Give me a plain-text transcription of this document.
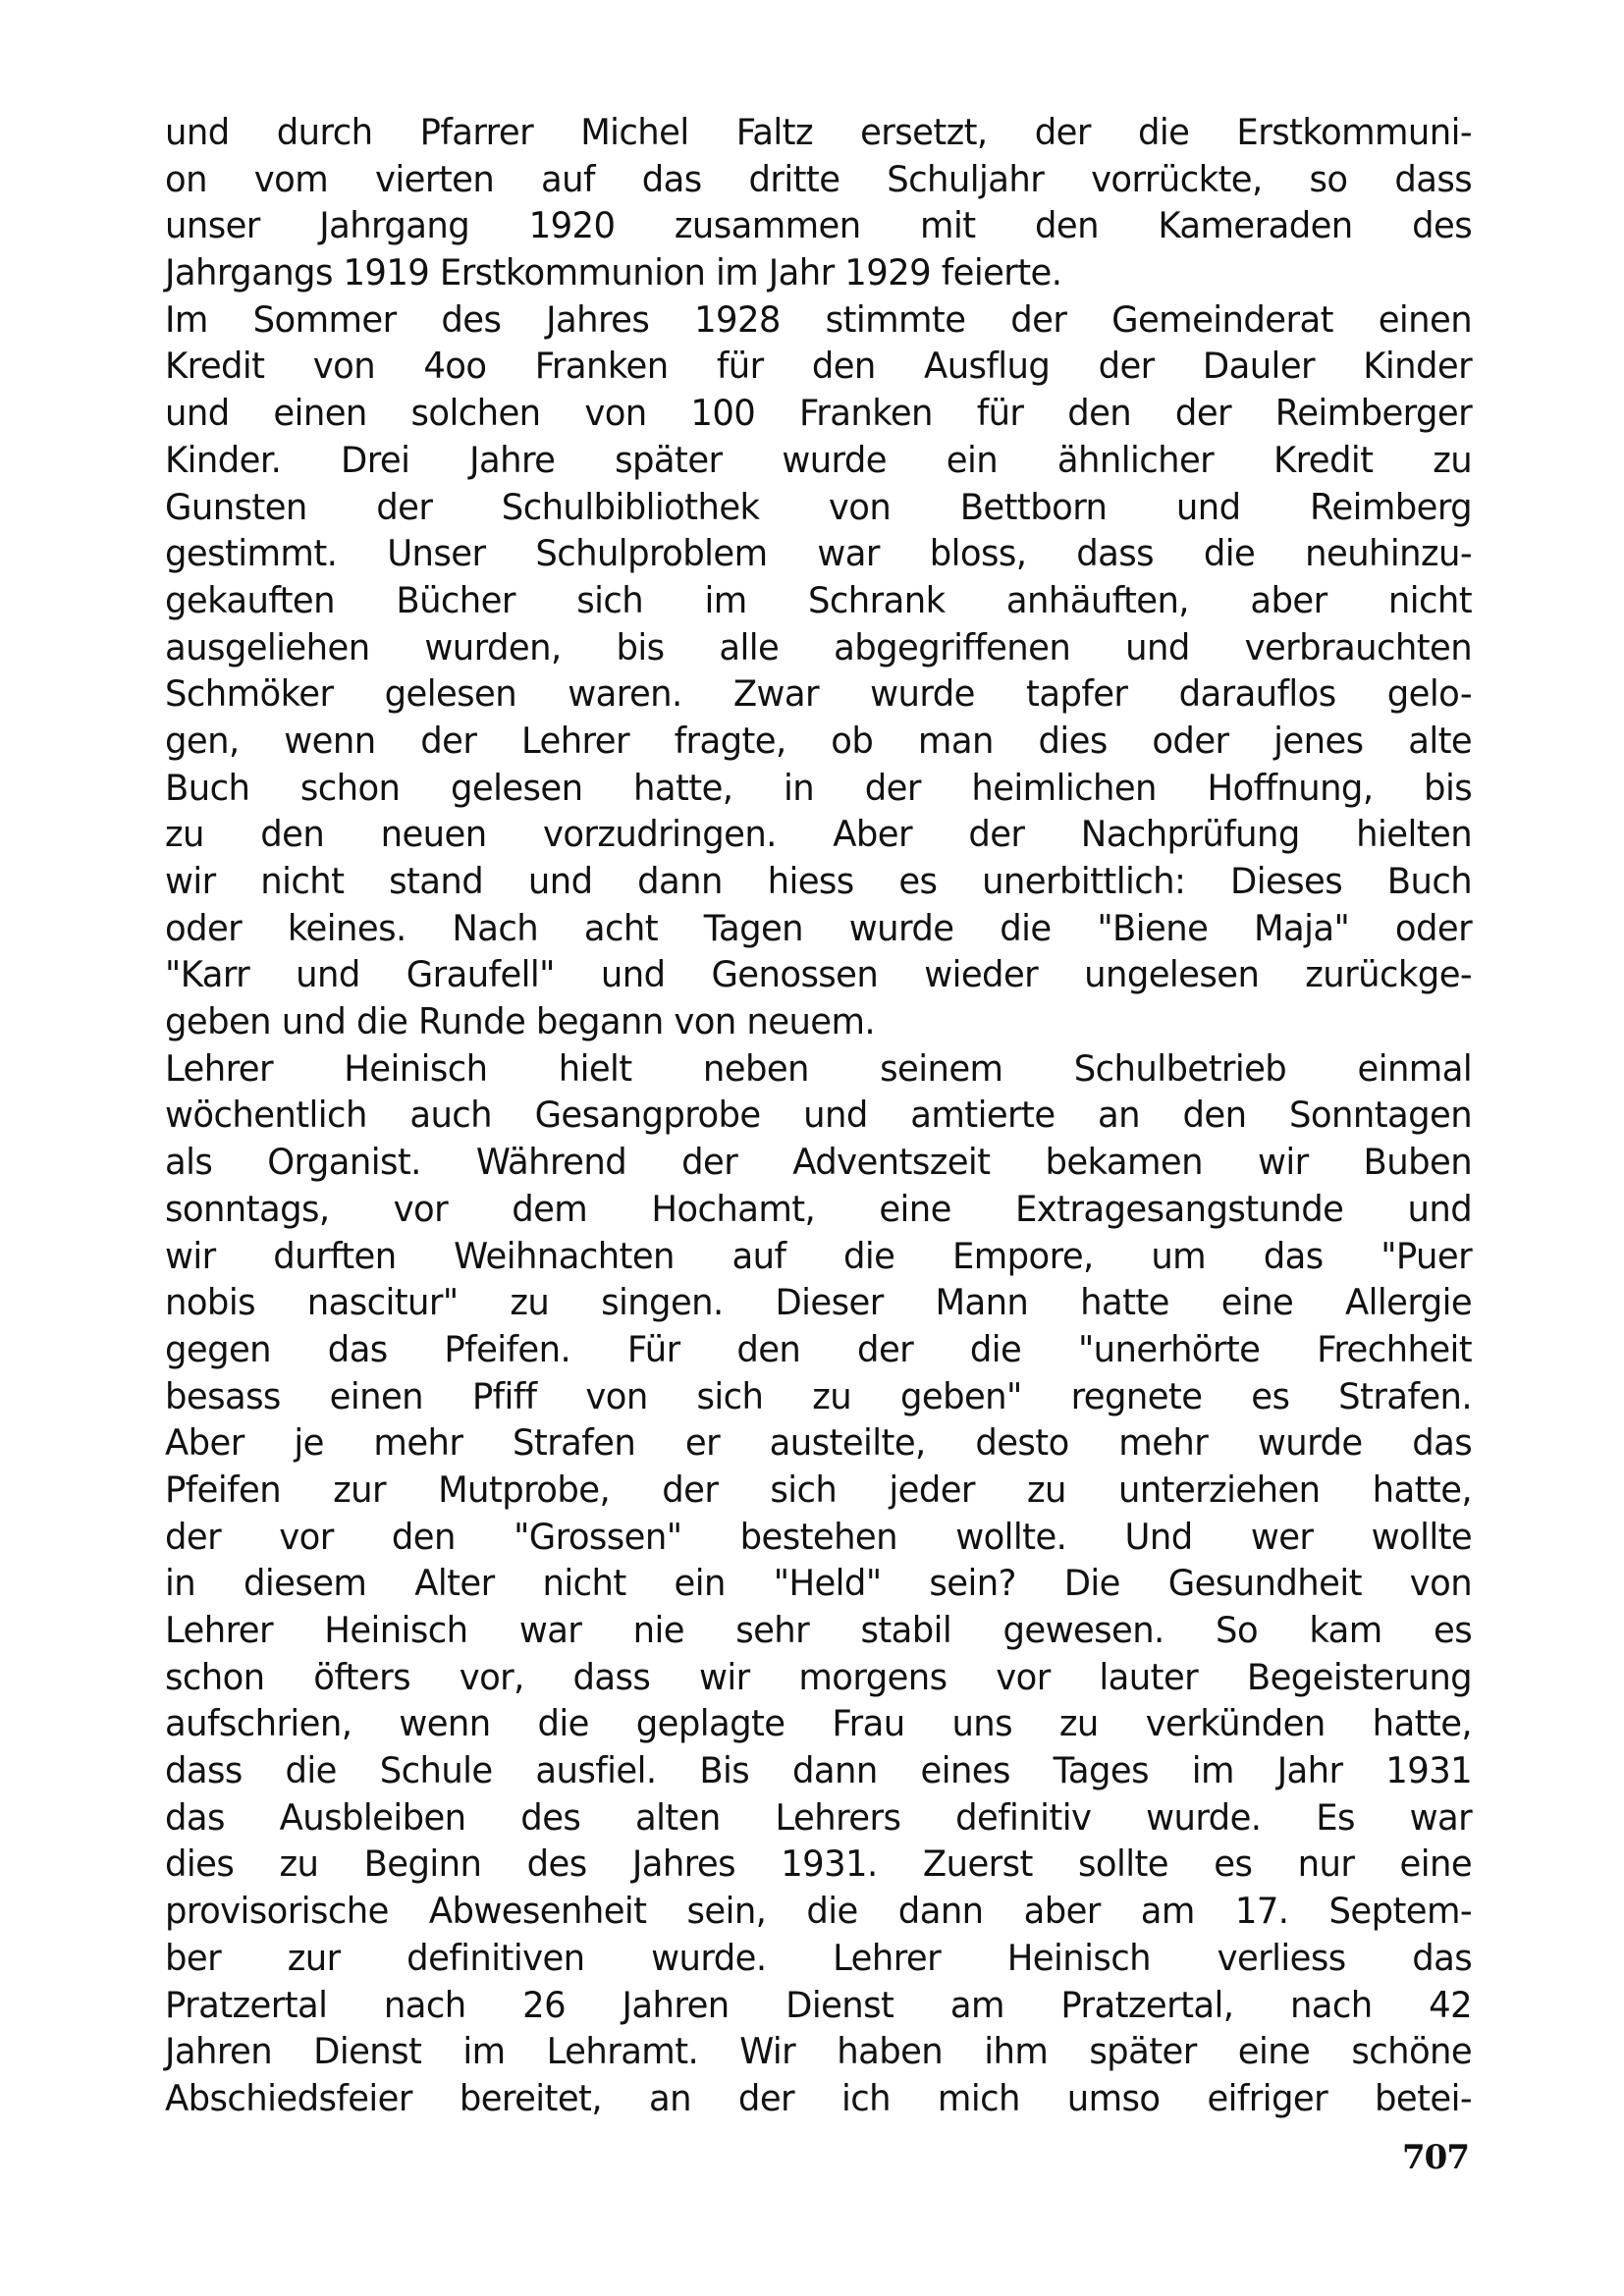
und durch Pfarrer Michel Faltz ersetzt, der die Erstkommuni-
on vom vierten auf das dritte Schuljahr vorrückte, so dass
unser Jahrgang 1920 zusammen mit den Kameraden des
Jahrgangs 1919 Erstkommunion im Jahr 1929 feierte.
Im Sommer des Jahres 1928 stimmte der Gemeinderat einen
Kredit von 4oo Franken für den Ausflug der Dauler Kinder
und einen solchen von 100 Franken für den der Reimberger
Kinder. Drei Jahre später wurde ein ähnlicher Kredit zu
Gunsten der Schulbibliothek von Bettborn und Reimberg
gestimmt. Unser Schulproblem war bloss, dass die neuhinzu-
gekauften Bücher sich im Schrank anhäuften, aber nicht
ausgeliehen wurden, bis alle abgegriffenen und verbrauchten
Schmöker gelesen waren. Zwar wurde tapfer darauflos gelo-
gen, wenn der Lehrer fragte, ob man dies oder jenes alte
Buch schon gelesen hatte, in der heimlichen Hoffnung, bis
zu den neuen vorzudringen. Aber der Nachprüfung hielten
wir nicht stand und dann hiess es unerbittlich: Dieses Buch
oder keines. Nach acht Tagen wurde die "Biene Maja" oder
"Karr und Graufell" und Genossen wieder ungelesen zurückge-
geben und die Runde begann von neuem.
Lehrer Heinisch hielt neben seinem Schulbetrieb einmal
wöchentlich auch Gesangprobe und amtierte an den Sonntagen
als Organist. Während der Adventszeit bekamen wir Buben
sonntags, vor dem Hochamt, eine Extragesangstunde und
wir durften Weihnachten auf die Empore, um das "Puer
nobis nascitur" zu singen. Dieser Mann hatte eine Allergie
gegen das Pfeifen. Für den der die "unerhörte Frechheit
besass einen Pfiff von sich zu geben" regnete es Strafen.
Aber je mehr Strafen er austeilte, desto mehr wurde das
Pfeifen zur Mutprobe, der sich jeder zu unterziehen hatte,
der vor den "Grossen" bestehen wollte. Und wer wollte
in diesem Alter nicht ein "Held" sein? Die Gesundheit von
Lehrer Heinisch war nie sehr stabil gewesen. So kam es
schon öfters vor, dass wir morgens vor lauter Begeisterung
aufschrien, wenn die geplagte Frau uns zu verkünden hatte,
dass die Schule ausfiel. Bis dann eines Tages im Jahr 1931
das Ausbleiben des alten Lehrers definitiv wurde. Es war
dies zu Beginn des Jahres 1931. Zuerst sollte es nur eine
provisorische Abwesenheit sein, die dann aber am 17. Septem-
ber zur definitiven wurde. Lehrer Heinisch verliess das
Pratzertal nach 26 Jahren Dienst am Pratzertal, nach 42
Jahren Dienst im Lehramt. Wir haben ihm später eine schöne
Abschiedsfeier bereitet, an der ich mich umso eifriger betei-
707
